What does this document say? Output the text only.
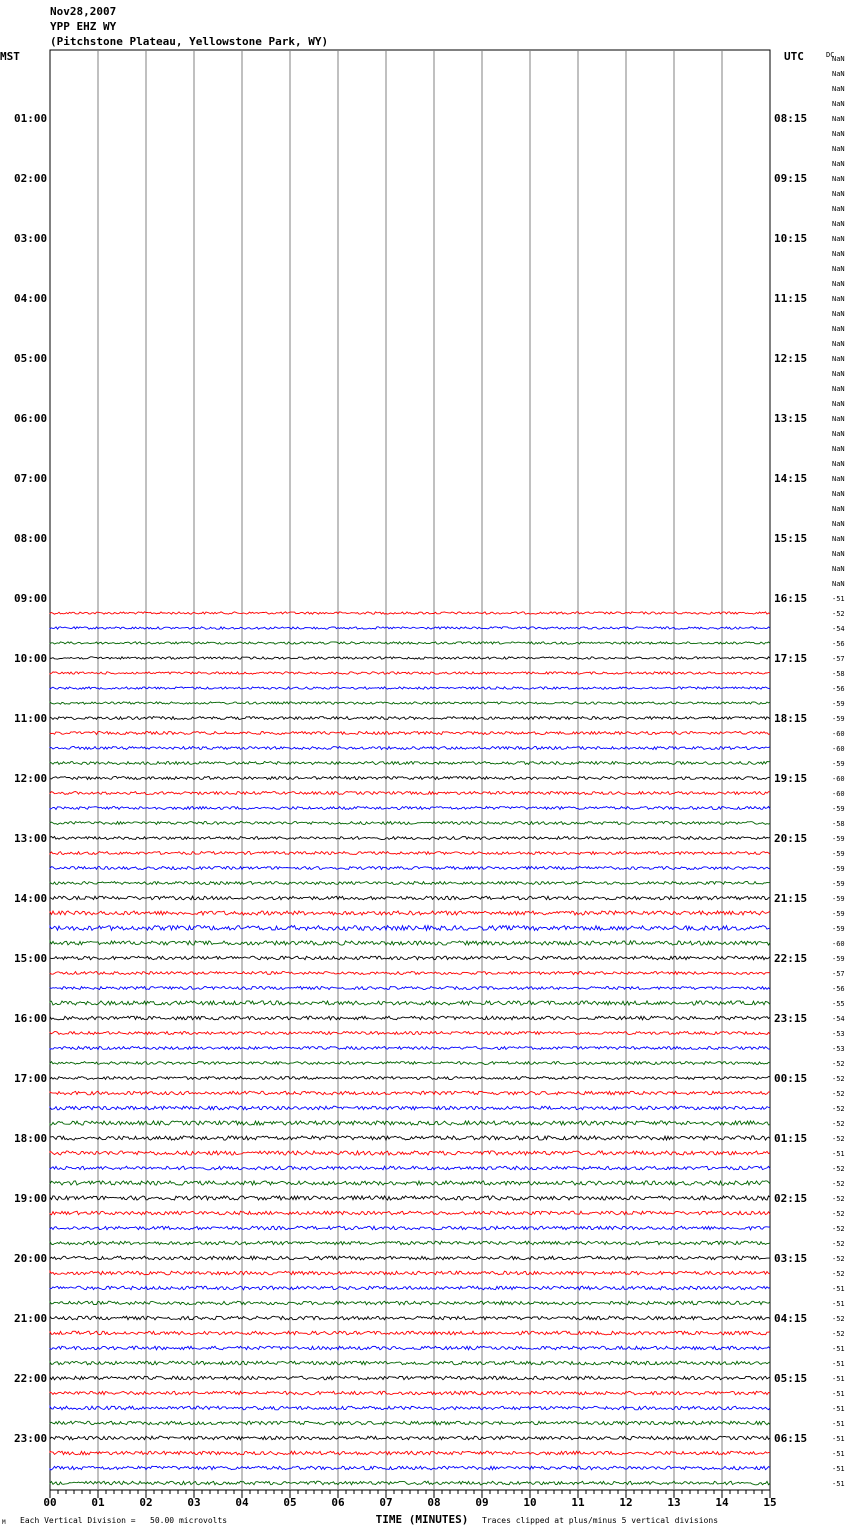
Nov28,2007
YPP EHZ WY
(Pitchstone Plateau, Yellowstone Park, WY)
MST	UTC	DC
01:00
02:00
03:00
04:00
05:00
06:00
07:00
08:00
09:00
10:00
11:00
12:00
13:00
14:00
15:00
16:00
17:00
18:00
19:00
20:00
21:00
22:00
23:00
08:15
09:15
10:15
11:15
12:15
13:15
14:15
15:15
16:15
17:15
18:15
19:15
20:15
21:15
22:15
23:15
00:15
01:15
02:15
03:15
04:15
05:15
06:15
NaN
NaN
NaN
NaN
NaN
NaN
NaN
NaN
NaN
NaN
NaN
NaN
NaN
NaN
NaN
NaN
NaN
NaN
NaN
NaN
NaN
NaN
NaN
NaN
NaN
NaN
NaN
NaN
NaN
NaN
NaN
NaN
NaN
NaN
NaN
NaN
-51
-52
-54
-56
-57
-58
-56
-59
-59
-60
-60
-59
-60
-60
-59
-58
-59
-59
-59
-59
-59
-59
-59
-60
-59
-57
-56
-55
-54
-53
-53
-52
-52
-52
-52
-52
-52
-51
-52
-52
-52
-52
-52
-52
-52
-52
-51
-51
-52
-52
-51
-51
-51
-51
-51
-51
-51
-51
-51
-51
00	01	02	03	04	05	06	07	08	09	10	11	12	13	14	15
TIME (MINUTES)
M Each Vertical Division =   50.00 microvolts	Traces clipped at plus/minus 5 vertical divisions
